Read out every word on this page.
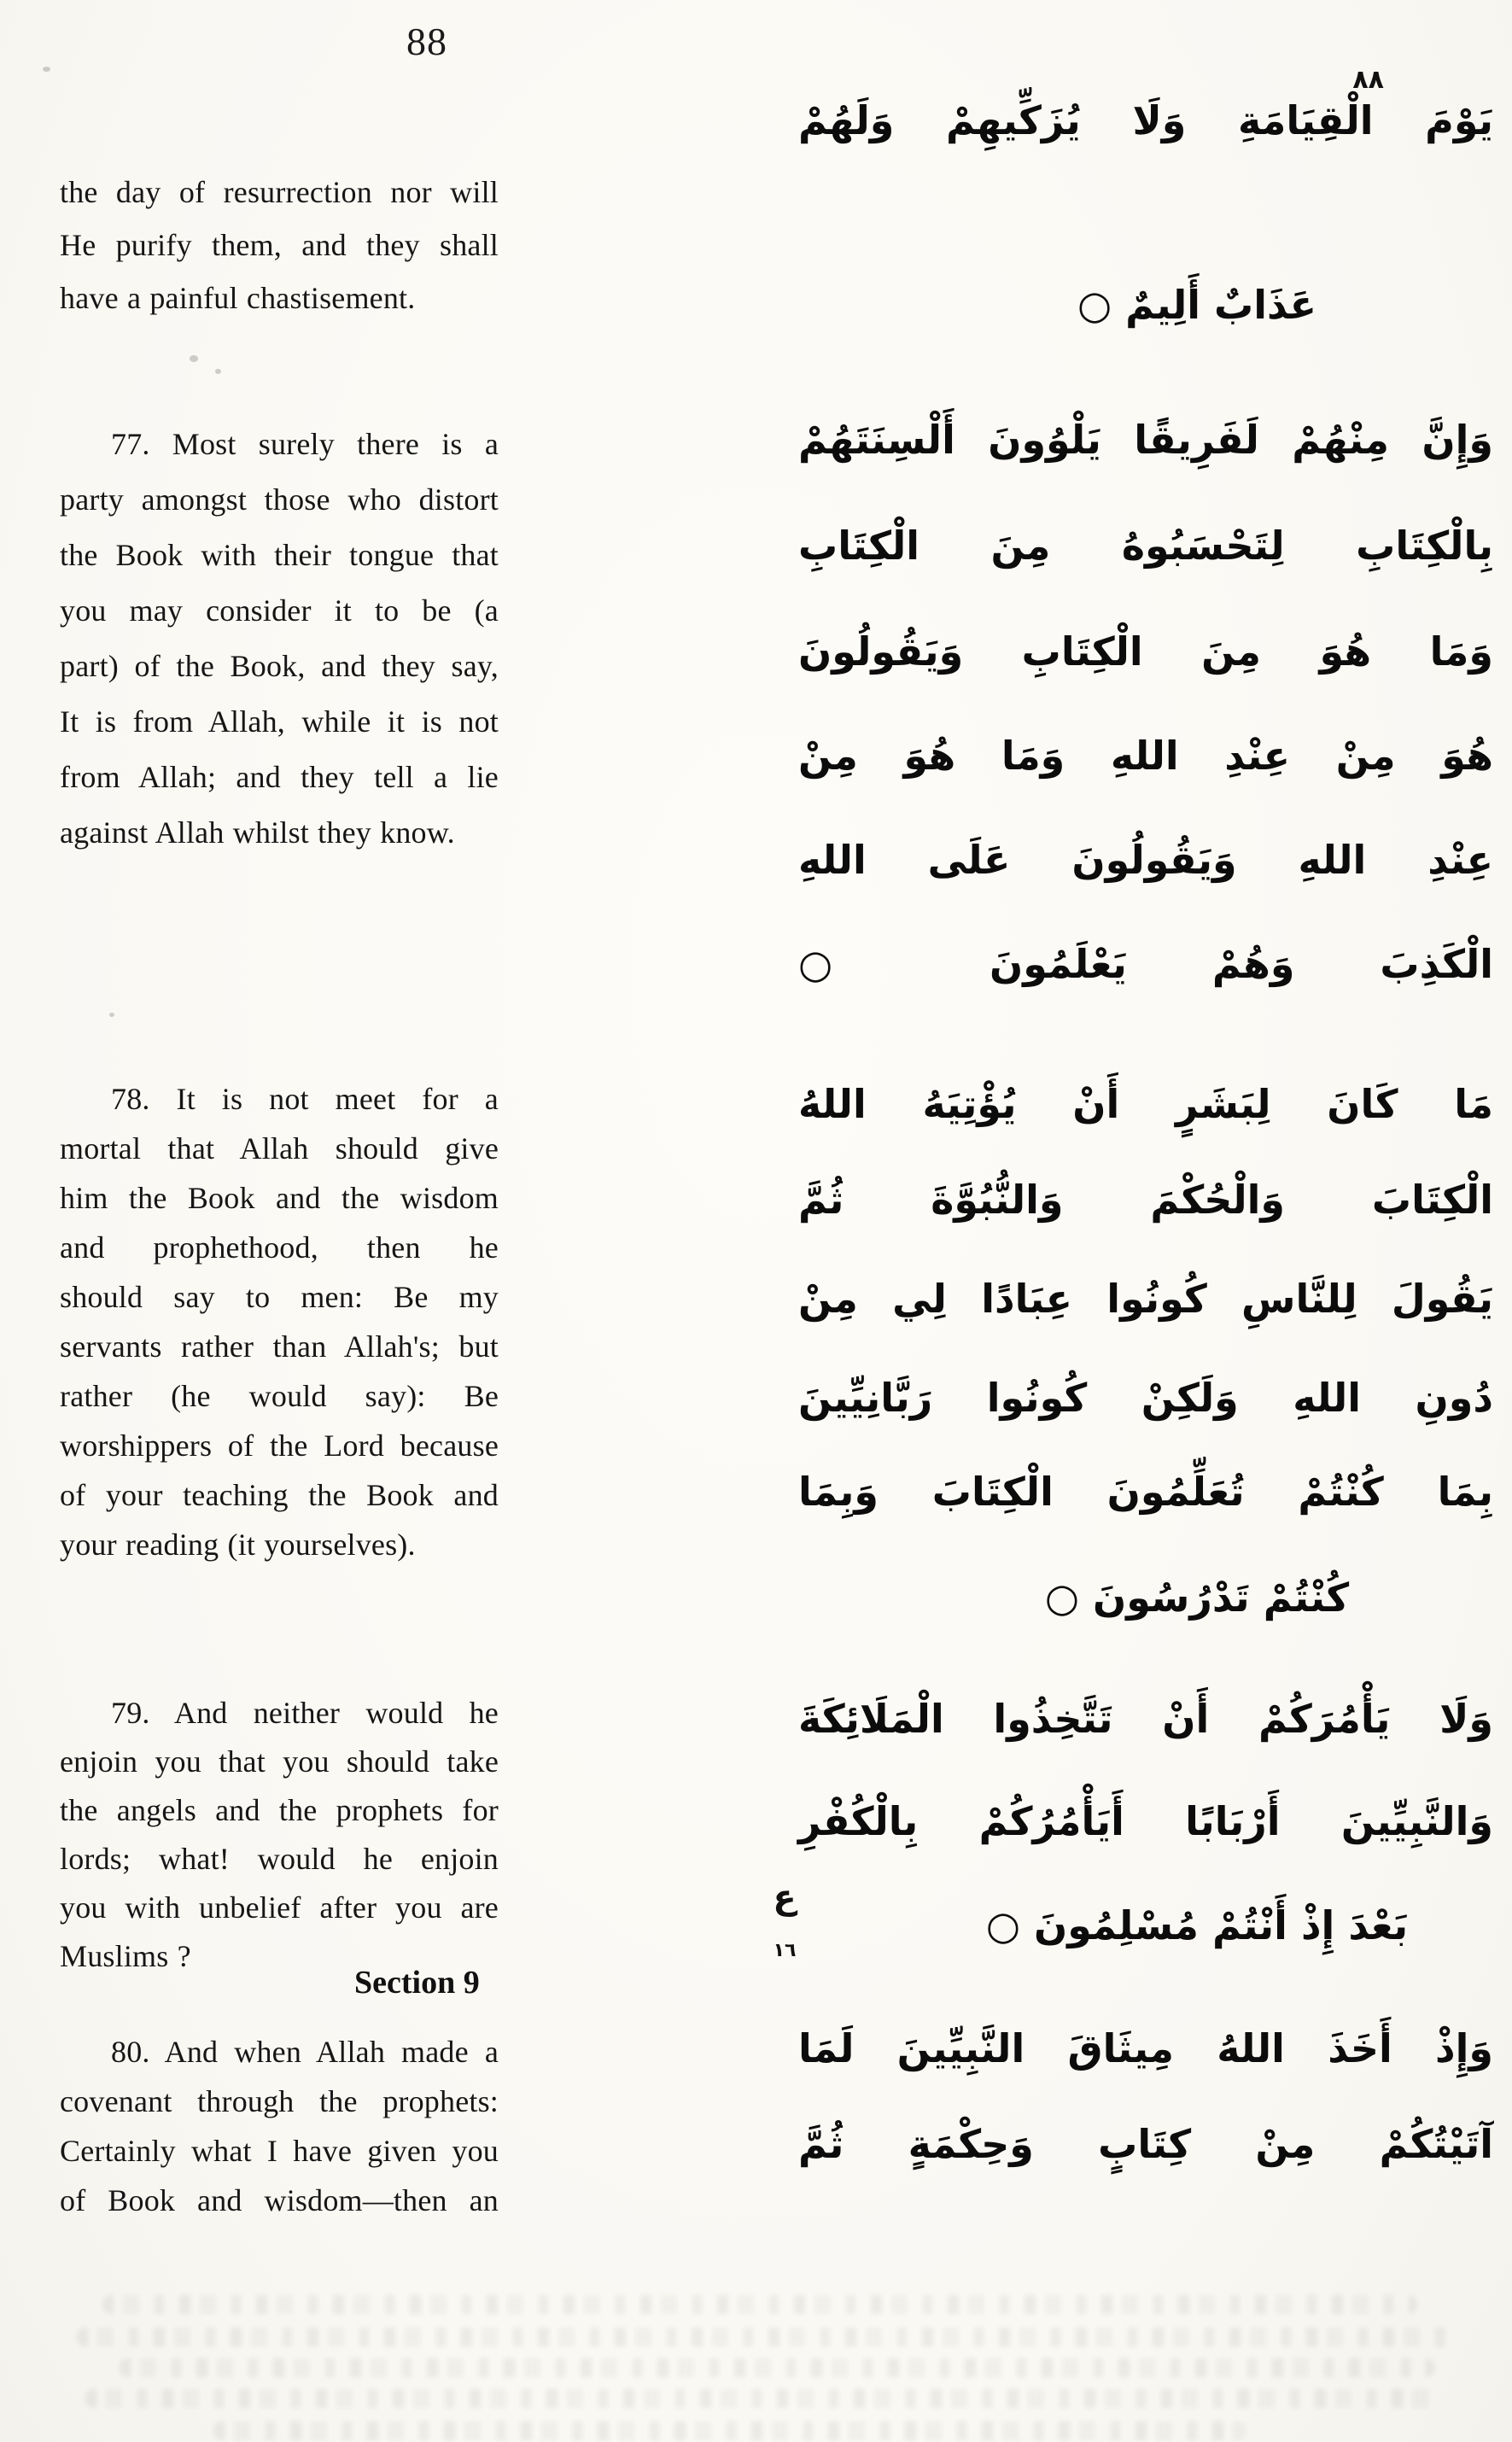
88
the day of resurrection nor will
He purify them, and they shall
have a painful chastisement.
77. Most surely there is a
party amongst those who distort
the Book with their tongue that
you may consider it to be (a
part) of the Book, and they say,
It is from Allah, while it is not
from Allah; and they tell a lie
against Allah whilst they know.
78. It is not meet for a
mortal that Allah should give
him the Book and the wisdom
and prophethood, then he
should say to men: Be my
servants rather than Allah's; but
rather (he would say): Be
worshippers of the Lord because
of your teaching the Book and
your reading (it yourselves).
79. And neither would he
enjoin you that you should take
the angels and the prophets for
lords; what! would he enjoin
you with unbelief after you are
Muslims ?
Section 9
80. And when Allah made a
covenant through the prophets:
Certainly what I have given you
of Book and wisdom—then an
٨٨
يَوْمَ الْقِيَامَةِ وَلَا يُزَكِّيهِمْ وَلَهُمْ
عَذَابٌ أَلِيمٌ ○
وَإِنَّ مِنْهُمْ لَفَرِيقًا يَلْوُونَ أَلْسِنَتَهُمْ
بِالْكِتَابِ لِتَحْسَبُوهُ مِنَ الْكِتَابِ
وَمَا هُوَ مِنَ الْكِتَابِ وَيَقُولُونَ
هُوَ مِنْ عِنْدِ اللهِ وَمَا هُوَ مِنْ
عِنْدِ اللهِ وَيَقُولُونَ عَلَى اللهِ
الْكَذِبَ وَهُمْ يَعْلَمُونَ ○
مَا كَانَ لِبَشَرٍ أَنْ يُؤْتِيَهُ اللهُ
الْكِتَابَ وَالْحُكْمَ وَالنُّبُوَّةَ ثُمَّ
يَقُولَ لِلنَّاسِ كُونُوا عِبَادًا لِي مِنْ
دُونِ اللهِ وَلَكِنْ كُونُوا رَبَّانِيِّينَ
بِمَا كُنْتُمْ تُعَلِّمُونَ الْكِتَابَ وَبِمَا
كُنْتُمْ تَدْرُسُونَ ○
وَلَا يَأْمُرَكُمْ أَنْ تَتَّخِذُوا الْمَلَائِكَةَ
وَالنَّبِيِّينَ أَرْبَابًا أَيَأْمُرُكُمْ بِالْكُفْرِ
بَعْدَ إِذْ أَنْتُمْ مُسْلِمُونَ ○
وَإِذْ أَخَذَ اللهُ مِيثَاقَ النَّبِيِّينَ لَمَا
آتَيْتُكُمْ مِنْ كِتَابٍ وَحِكْمَةٍ ثُمَّ
ع
١٦
